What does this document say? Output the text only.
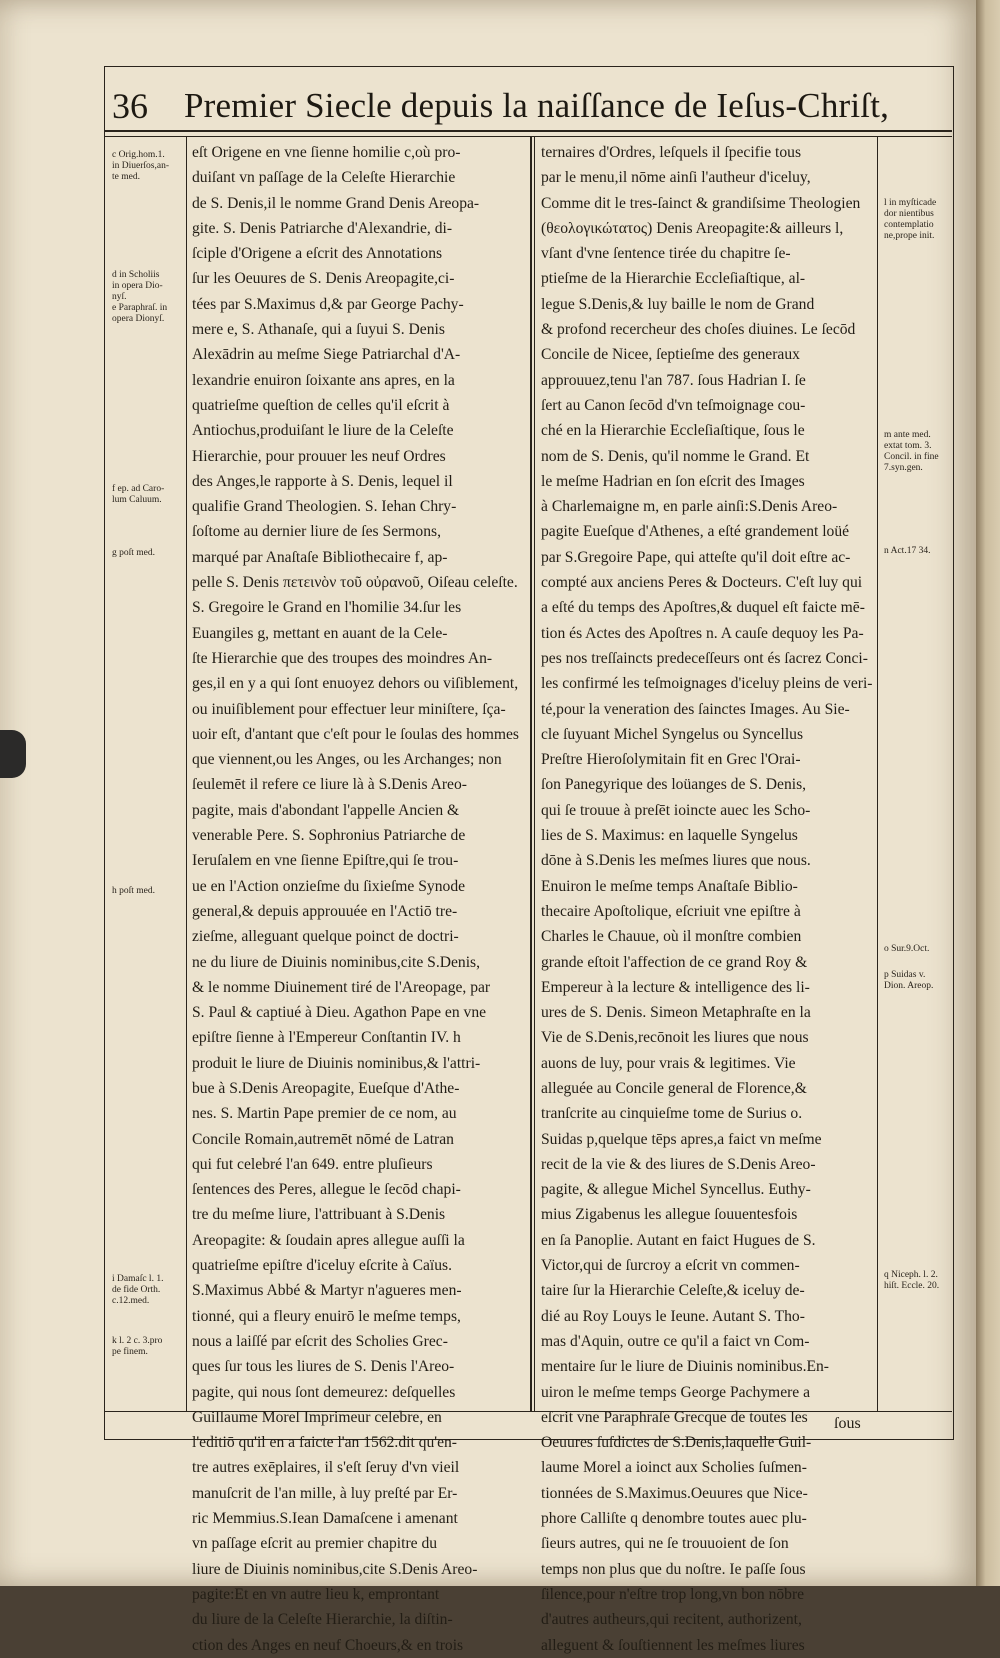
36 Premier Siecle depuis la naiſſance de Ieſus-Chriſt,
c Orig.hom.1.
in Diuerſos,an-
te med.
d in Scholiis
in opera Dio-
nyſ.
e Paraphraſ. in
opera Dionyſ.
f ep. ad Caro-
lum Caluum.
g poſt med.
h poſt med.
i Damaſc l. 1.
de fide Orth.
c.12.med.
k l. 2 c. 3.pro
pe finem.
l in myſticade
dor nientibus
contemplatio
ne,prope init.
m ante med.
extat tom. 3.
Concil. in fine
7.syn.gen.
n Act.17 34.
o Sur.9.Oct.
p Suidas v.
Dion. Areop.
q Niceph. l. 2.
hiſt. Eccle. 20.
eſt Origene en vne ſienne homilie c,où pro-
duiſant vn paſſage de la Celeſte Hierarchie
de S. Denis,il le nomme Grand Denis Areopa-
gite. S. Denis Patriarche d'Alexandrie, di-
ſciple d'Origene a eſcrit des Annotations
ſur les Oeuures de S. Denis Areopagite,ci-
tées par S.Maximus d,& par George Pachy-
mere e, S. Athanaſe, qui a ſuyui S. Denis
Alexādrin au meſme Siege Patriarchal d'A-
lexandrie enuiron ſoixante ans apres, en la
quatrieſme queſtion de celles qu'il eſcrit à
Antiochus,produiſant le liure de la Celeſte
Hierarchie, pour prouuer les neuf Ordres
des Anges,le rapporte à S. Denis, lequel il
qualifie Grand Theologien. S. Iehan Chry-
ſoſtome au dernier liure de ſes Sermons,
marqué par Anaſtaſe Bibliothecaire f, ap-
pelle S. Denis πετεινὸν τοῦ οὐρανοῦ, Oiſeau celeſte.
S. Gregoire le Grand en l'homilie 34.ſur les
Euangiles g, mettant en auant de la Cele-
ſte Hierarchie que des troupes des moindres An-
ges,il en y a qui ſont enuoyez dehors ou viſiblement,
ou inuiſiblement pour effectuer leur miniſtere, ſça-
uoir eſt, d'antant que c'eſt pour le ſoulas des hommes
que viennent,ou les Anges, ou les Archanges; non
ſeulemēt il refere ce liure là à S.Denis Areo-
pagite, mais d'abondant l'appelle Ancien &
venerable Pere. S. Sophronius Patriarche de
Ieruſalem en vne ſienne Epiſtre,qui ſe trou-
ue en l'Action onzieſme du ſixieſme Synode
general,& depuis approuuée en l'Actiō tre-
zieſme, alleguant quelque poinct de doctri-
ne du liure de Diuinis nominibus,cite S.Denis,
& le nomme Diuinement tiré de l'Areopage, par
S. Paul & captiué à Dieu. Agathon Pape en vne
epiſtre ſienne à l'Empereur Conſtantin IV. h
produit le liure de Diuinis nominibus,& l'attri-
bue à S.Denis Areopagite, Eueſque d'Athe-
nes. S. Martin Pape premier de ce nom, au
Concile Romain,autremēt nōmé de Latran
qui fut celebré l'an 649. entre pluſieurs
ſentences des Peres, allegue le ſecōd chapi-
tre du meſme liure, l'attribuant à S.Denis
Areopagite: & ſoudain apres allegue auſſi la
quatrieſme epiſtre d'iceluy eſcrite à Caïus.
S.Maximus Abbé & Martyr n'agueres men-
tionné, qui a fleury enuirō le meſme temps,
nous a laiſſé par eſcrit des Scholies Grec-
ques ſur tous les liures de S. Denis l'Areo-
pagite, qui nous ſont demeurez: deſquelles
Guillaume Morel Imprimeur celebre, en
l'editiō qu'il en a faicte l'an 1562.dit qu'en-
tre autres exēplaires, il s'eſt ſeruy d'vn vieil
manuſcrit de l'an mille, à luy preſté par Er-
ric Memmius.S.Iean Damaſcene i amenant
vn paſſage eſcrit au premier chapitre du
liure de Diuinis nominibus,cite S.Denis Areo-
pagite:Et en vn autre lieu k, emprontant
du liure de la Celeſte Hierarchie, la diſtin-
ction des Anges en neuf Choeurs,& en trois
ternaires d'Ordres, leſquels il ſpecifie tous
par le menu,il nōme ainſi l'autheur d'iceluy,
Comme dit le tres-ſainct & grandiſsime Theologien
(θεολογικώτατος) Denis Areopagite:& ailleurs l,
vſant d'vne ſentence tirée du chapitre ſe-
ptieſme de la Hierarchie Eccleſiaſtique, al-
legue S.Denis,& luy baille le nom de Grand
& profond recercheur des choſes diuines. Le ſecōd
Concile de Nicee, ſeptieſme des generaux
approuuez,tenu l'an 787. ſous Hadrian I. ſe
ſert au Canon ſecōd d'vn teſmoignage cou-
ché en la Hierarchie Eccleſiaſtique, ſous le
nom de S. Denis, qu'il nomme le Grand. Et
le meſme Hadrian en ſon eſcrit des Images
à Charlemaigne m, en parle ainſi:S.Denis Areo-
pagite Eueſque d'Athenes, a eſté grandement loüé
par S.Gregoire Pape, qui atteſte qu'il doit eſtre ac-
compté aux anciens Peres & Docteurs. C'eſt luy qui
a eſté du temps des Apoſtres,& duquel eſt faicte mē-
tion és Actes des Apoſtres n. A cauſe dequoy les Pa-
pes nos treſſaincts predeceſſeurs ont és ſacrez Conci-
les confirmé les teſmoignages d'iceluy pleins de veri-
té,pour la veneration des ſainctes Images. Au Sie-
cle ſuyuant Michel Syngelus ou Syncellus
Preſtre Hieroſolymitain fit en Grec l'Orai-
ſon Panegyrique des loüanges de S. Denis,
qui ſe trouue à preſēt ioincte auec les Scho-
lies de S. Maximus: en laquelle Syngelus
dōne à S.Denis les meſmes liures que nous.
Enuiron le meſme temps Anaſtaſe Biblio-
thecaire Apoſtolique, eſcriuit vne epiſtre à
Charles le Chauue, où il monſtre combien
grande eſtoit l'affection de ce grand Roy &
Empereur à la lecture & intelligence des li-
ures de S. Denis. Simeon Metaphraſte en la
Vie de S.Denis,recōnoit les liures que nous
auons de luy, pour vrais & legitimes. Vie
alleguée au Concile general de Florence,&
tranſcrite au cinquieſme tome de Surius o.
Suidas p,quelque tēps apres,a faict vn meſme
recit de la vie & des liures de S.Denis Areo-
pagite, & allegue Michel Syncellus. Euthy-
mius Zigabenus les allegue ſouuentesfois
en ſa Panoplie. Autant en faict Hugues de S.
Victor,qui de ſurcroy a eſcrit vn commen-
taire ſur la Hierarchie Celeſte,& iceluy de-
dié au Roy Louys le Ieune. Autant S. Tho-
mas d'Aquin, outre ce qu'il a faict vn Com-
mentaire ſur le liure de Diuinis nominibus.En-
uiron le meſme temps George Pachymere a
eſcrit vne Paraphraſe Grecque de toutes les
Oeuures ſuſdictes de S.Denis,laquelle Guil-
laume Morel a ioinct aux Scholies ſuſmen-
tionnées de S.Maximus.Oeuures que Nice-
phore Calliſte q denombre toutes auec plu-
ſieurs autres, qui ne ſe trouuoient de ſon
temps non plus que du noſtre. Ie paſſe ſous
ſilence,pour n'eſtre trop long,vn bon nōbre
d'autres autheurs,qui recitent, authorizent,
alleguent & ſouſtiennent les meſmes liures
ſous
